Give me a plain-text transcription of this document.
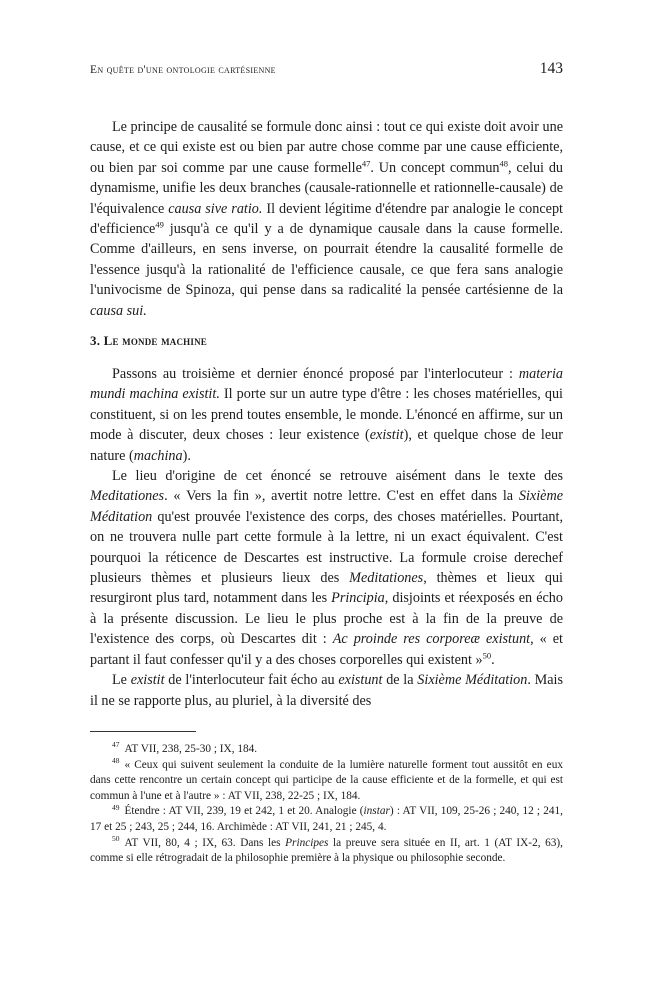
En quête d'une ontologie cartésienne	143

Le principe de causalité se formule donc ainsi : tout ce qui existe doit avoir une cause, et ce qui existe est ou bien par autre chose comme par une cause efficiente, ou bien par soi comme par une cause formelle$^{47}$. Un concept commun$^{48}$, celui du dynamisme, unifie les deux branches (causale-rationnelle et rationnelle-causale) de l'équivalence causa sive ratio. Il devient légitime d'étendre par analogie le concept d'efficience$^{49}$ jusqu'à ce qu'il y a de dynamique causale dans la cause formelle. Comme d'ailleurs, en sens inverse, on pourrait étendre la causalité formelle de l'essence jusqu'à la rationalité de l'efficience causale, ce que fera sans analogie l'univocisme de Spinoza, qui pense dans sa radicalité la pensée cartésienne de la causa sui.

3. Le monde machine

Passons au troisième et dernier énoncé proposé par l'interlocuteur : materia mundi machina existit. Il porte sur un autre type d'être : les choses matérielles, qui constituent, si on les prend toutes ensemble, le monde. L'énoncé en affirme, sur un mode à discuter, deux choses : leur existence (existit), et quelque chose de leur nature (machina).

Le lieu d'origine de cet énoncé se retrouve aisément dans le texte des Meditationes. « Vers la fin », avertit notre lettre. C'est en effet dans la Sixième Méditation qu'est prouvée l'existence des corps, des choses matérielles. Pourtant, on ne trouvera nulle part cette formule à la lettre, ni un exact équivalent. C'est pourquoi la réticence de Descartes est instructive. La formule croise derechef plusieurs thèmes et plusieurs lieux des Meditationes, thèmes et lieux qui resurgiront plus tard, notamment dans les Principia, disjoints et réexposés en écho à la présente discussion. Le lieu le plus proche est à la fin de la preuve de l'existence des corps, où Descartes dit : Ac proinde res corporeæ existunt, « et partant il faut confesser qu'il y a des choses corporelles qui existent »$^{50}$.

Le existit de l'interlocuteur fait écho au existunt de la Sixième Méditation. Mais il ne se rapporte plus, au pluriel, à la diversité des

$^{47}$ AT VII, 238, 25-30 ; IX, 184.

$^{48}$ « Ceux qui suivent seulement la conduite de la lumière naturelle forment tout aussitôt en eux dans cette rencontre un certain concept qui participe de la cause efficiente et de la formelle, et qui est commun à l'une et à l'autre » : AT VII, 238, 22-25 ; IX, 184.

$^{49}$ Étendre : AT VII, 239, 19 et 242, 1 et 20. Analogie (instar) : AT VII, 109, 25-26 ; 240, 12 ; 241, 17 et 25 ; 243, 25 ; 244, 16. Archimède : AT VII, 241, 21 ; 245, 4.

$^{50}$ AT VII, 80, 4 ; IX, 63. Dans les Principes la preuve sera située en II, art. 1 (AT IX-2, 63), comme si elle rétrogradait de la philosophie première à la physique ou philosophie seconde.
